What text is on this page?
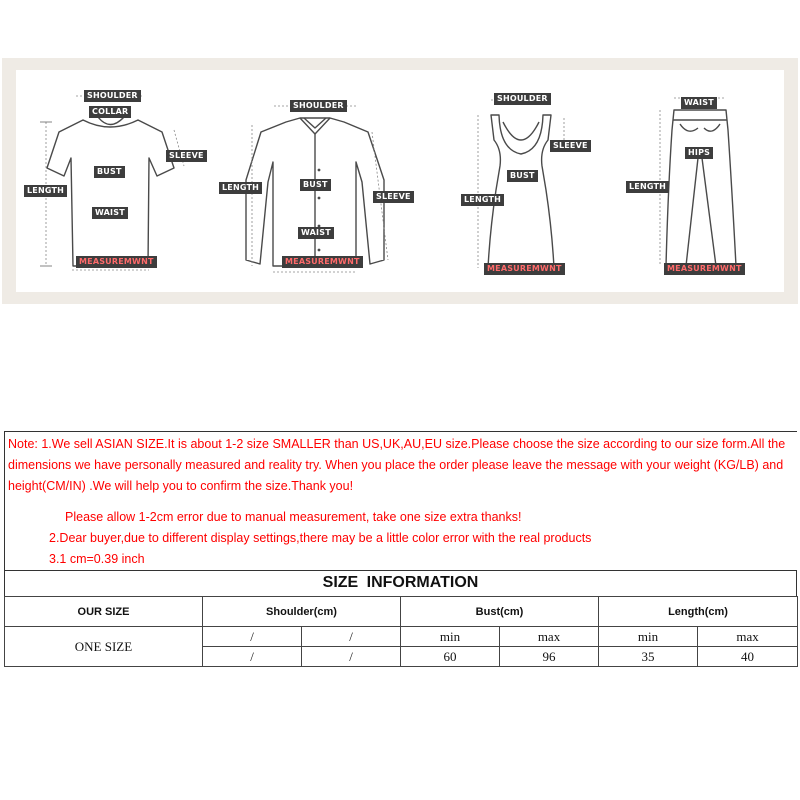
SHOULDER
COLLAR
SLEEVE
LENGTH
BUST
WAIST
MEASUREMWNT
SHOULDER
LENGTH	BUST
SLEEVE
WAIST
MEASUREMWNT
SHOULDER
SLEEVE
LENGTH
BUST
MEASUREMWNT
WAIST
HIPS
LENGTH
MEASUREMWNT
Note: 1.We sell ASIAN SIZE.It is about 1-2 size SMALLER than US,UK,AU,EU size.Please choose the size according to our size form.All the dimensions we have personally measured and reality try. When you place the order please leave the message with your weight (KG/LB) and height(CM/IN) .We will help you to confirm the size.Thank you!
Please allow 1-2cm error due to manual measurement, take one size extra thanks!
2.Dear buyer,due to different display settings,there may be a little color error with the real products
3.1 cm=0.39 inch
SIZE INFORMATION
OUR SIZE	Shoulder(cm)		Bust(cm)		Length(cm)	
ONE SIZE	/	/	min	max	min	max
	/	/	60	96	35	40
